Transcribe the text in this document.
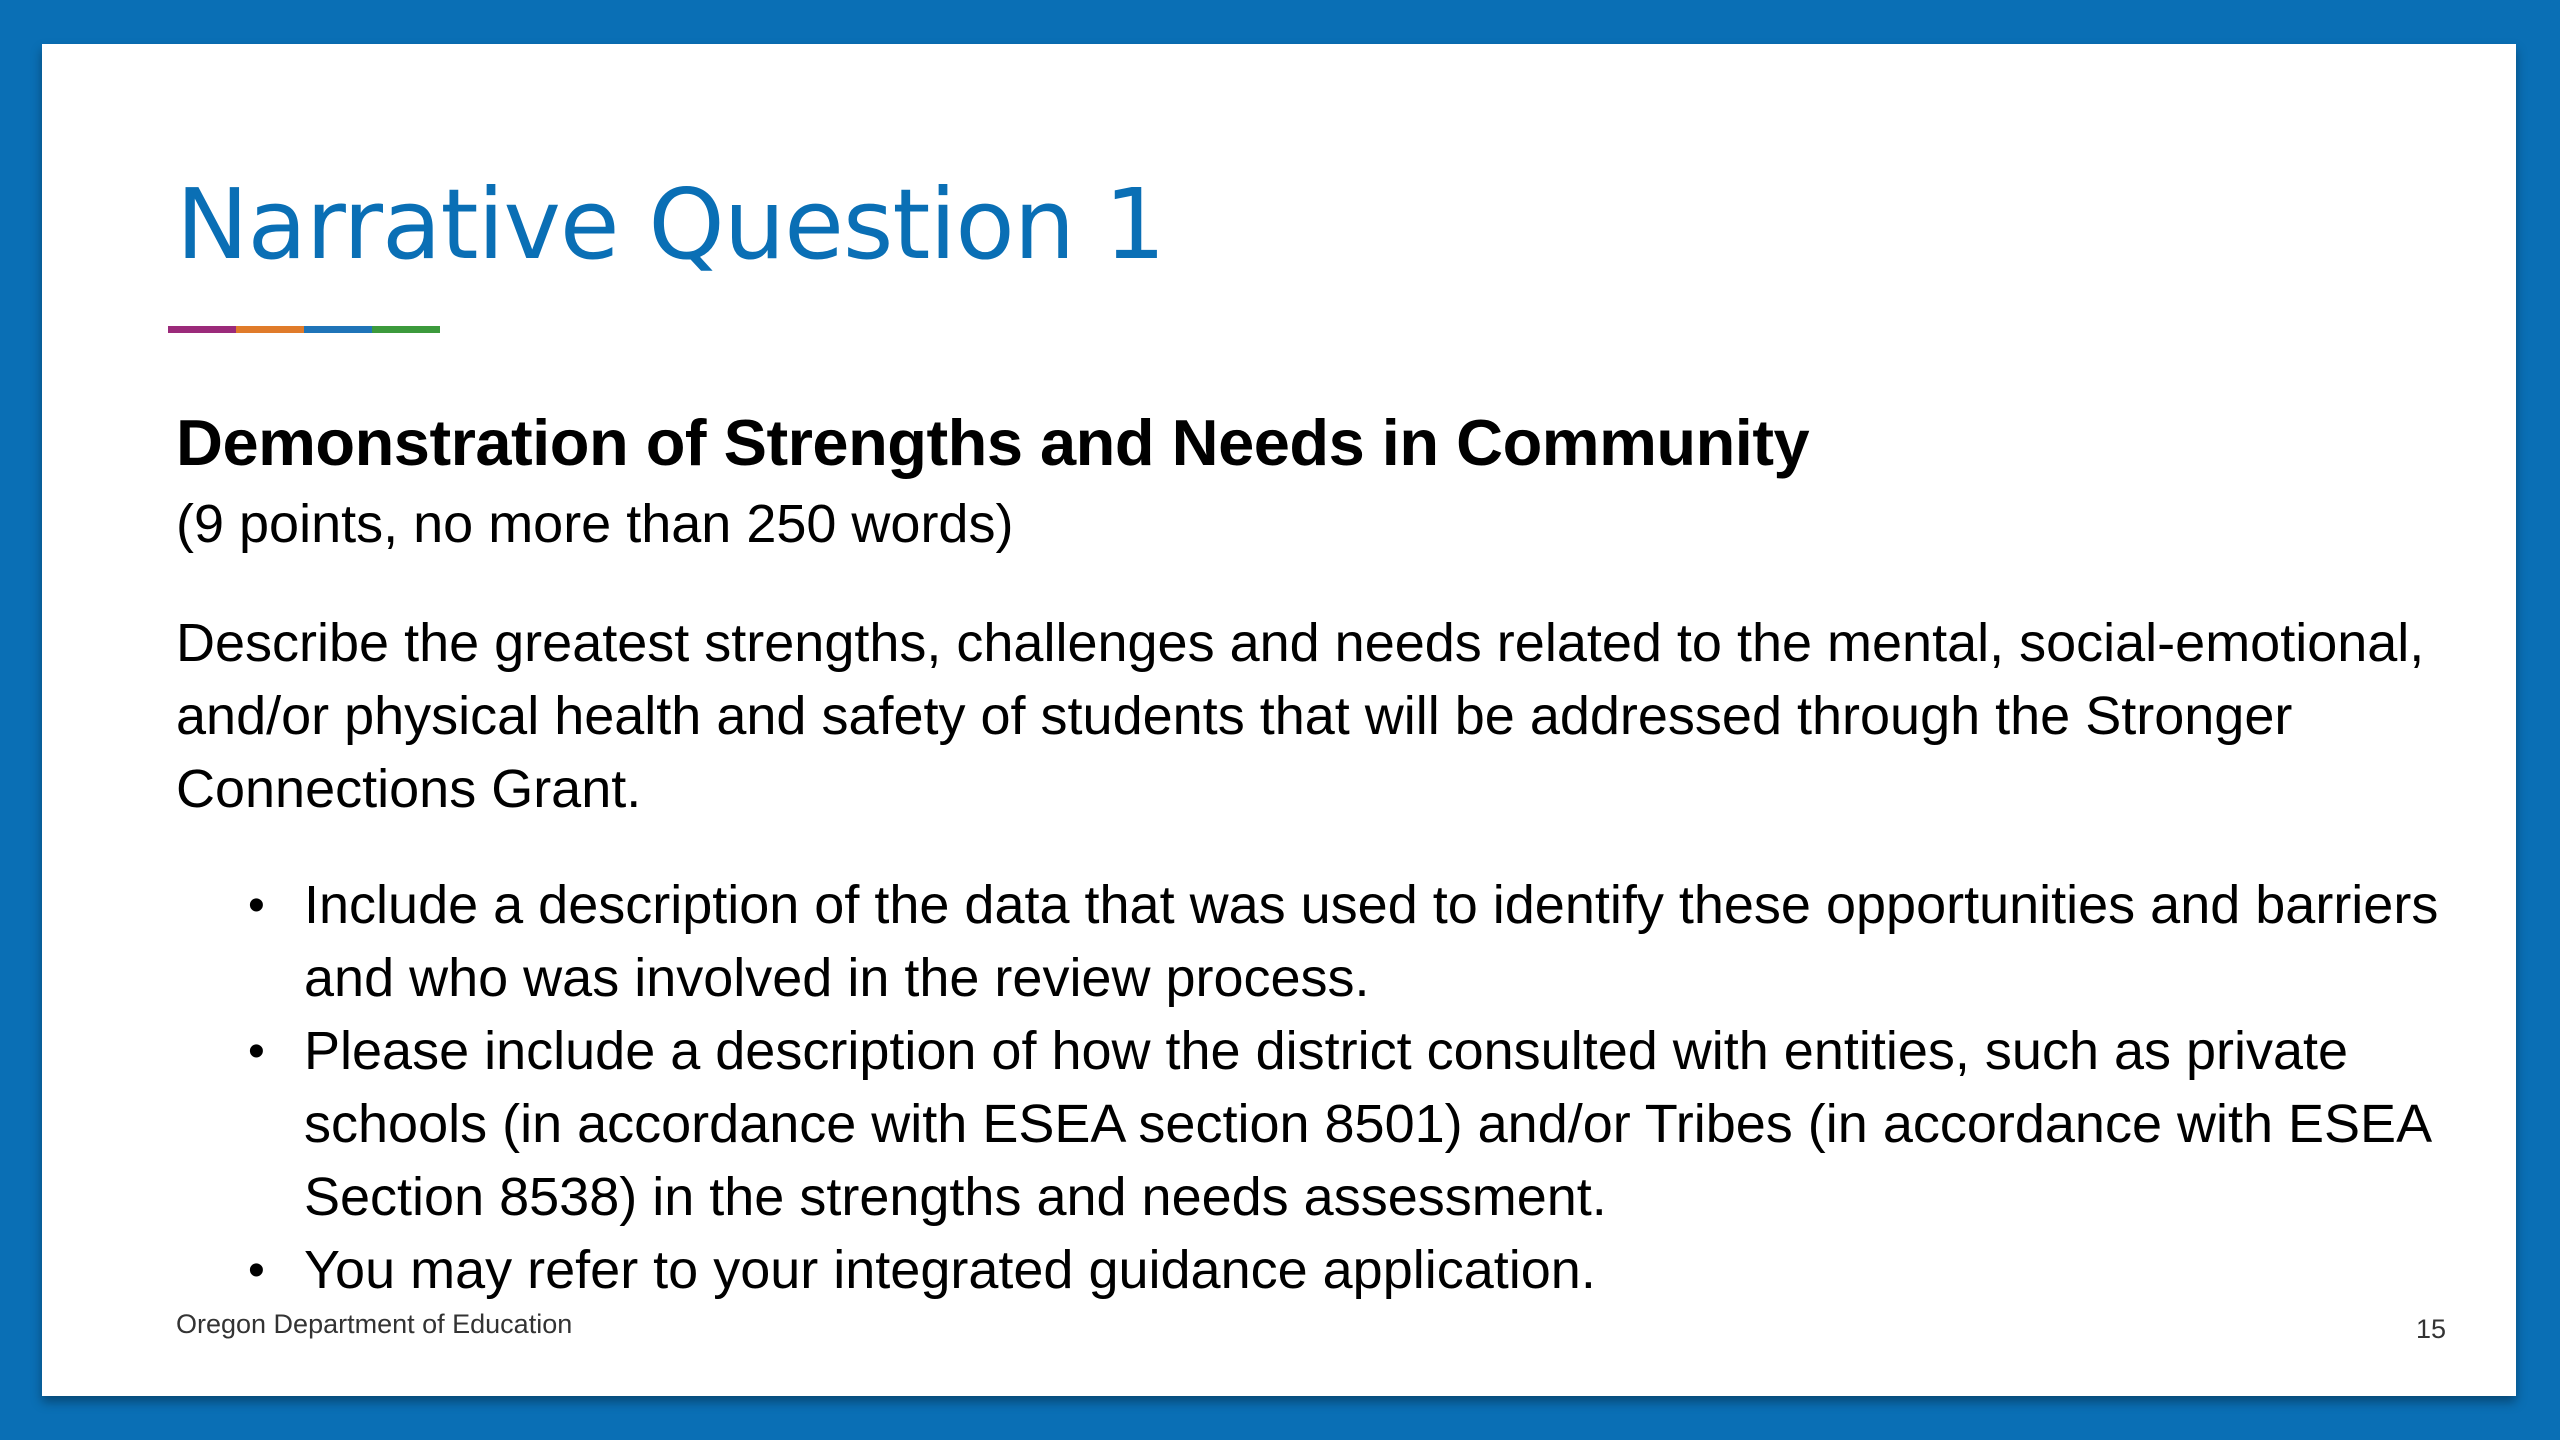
Narrative Question 1
Demonstration of Strengths and Needs in Community

(9 points, no more than 250 words)

Describe the greatest strengths, challenges and needs related to the mental, social-emotional, and/or physical health and safety of students that will be addressed through the Stronger Connections Grant.

• Include a description of the data that was used to identify these opportunities and barriers and who was involved in the review process.
• Please include a description of how the district consulted with entities, such as private schools (in accordance with ESEA section 8501) and/or Tribes (in accordance with ESEA Section 8538) in the strengths and needs assessment.
• You may refer to your integrated guidance application.
Oregon Department of Education	15
